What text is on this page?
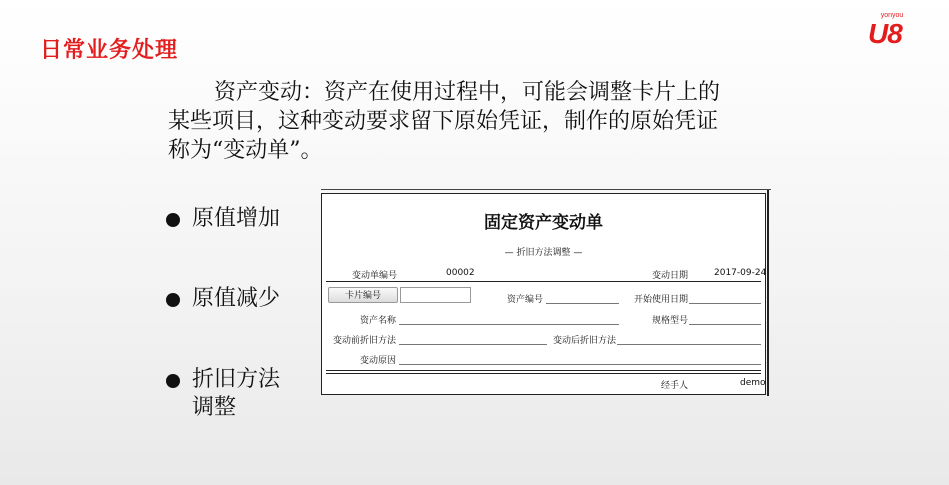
日常业务处理
yonyou
U8
资产变动：资产在使用过程中，可能会调整卡片上的
某些项目，这种变动要求留下原始凭证，制作的原始凭证
称为“变动单”。
原值增加
原值减少
折旧方法调整
固定资产变动单
— 折旧方法调整 —
变动单编号	00002	变动日期	2017-09-24
卡片编号	资产编号	开始使用日期
资产名称	规格型号
变动前折旧方法	变动后折旧方法
变动原因
经手人	demo
